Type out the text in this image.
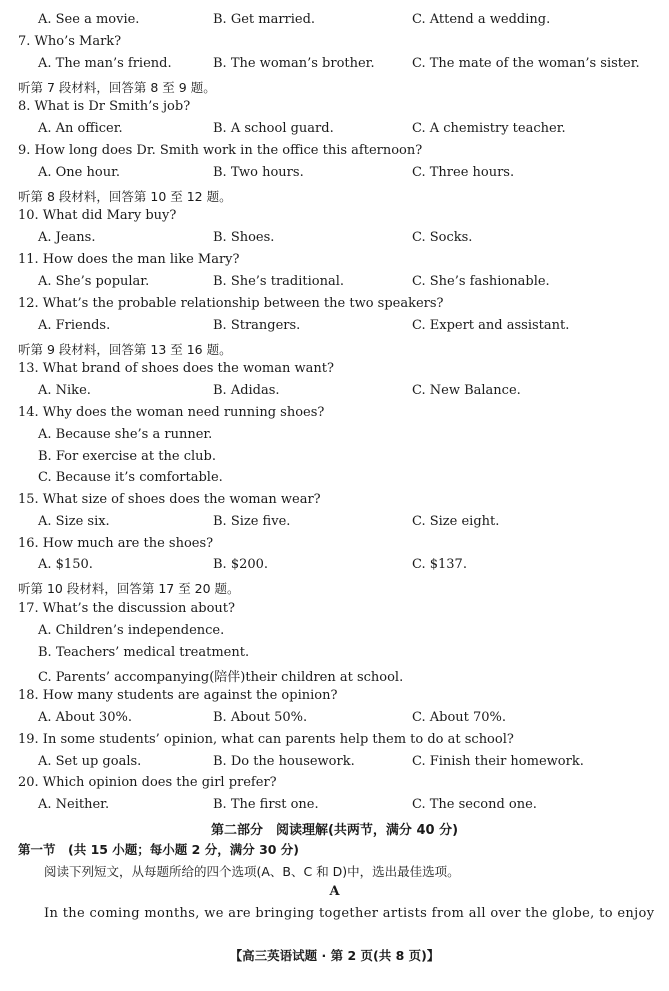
A. See a movie.	B. Get married.	C. Attend a wedding.
7. Who’s Mark?
A. The man’s friend.	B. The woman’s brother.	C. The mate of the woman’s sister.
听第 7 段材料，回答第 8 至 9 题。
8. What is Dr Smith’s job?
A. An officer.	B. A school guard.	C. A chemistry teacher.
9. How long does Dr. Smith work in the office this afternoon?
A. One hour.	B. Two hours.	C. Three hours.
听第 8 段材料，回答第 10 至 12 题。
10. What did Mary buy?
A. Jeans.	B. Shoes.	C. Socks.
11. How does the man like Mary?
A. She’s popular.	B. She’s traditional.	C. She’s fashionable.
12. What’s the probable relationship between the two speakers?
A. Friends.	B. Strangers.	C. Expert and assistant.
听第 9 段材料，回答第 13 至 16 题。
13. What brand of shoes does the woman want?
A. Nike.	B. Adidas.	C. New Balance.
14. Why does the woman need running shoes?
A. Because she’s a runner.
B. For exercise at the club.
C. Because it’s comfortable.
15. What size of shoes does the woman wear?
A. Size six.	B. Size five.	C. Size eight.
16. How much are the shoes?
A. $150.	B. $200.	C. $137.
听第 10 段材料，回答第 17 至 20 题。
17. What’s the discussion about?
A. Children’s independence.
B. Teachers’ medical treatment.
C. Parents’ accompanying(陪伴)their children at school.
18. How many students are against the opinion?
A. About 30%.	B. About 50%.	C. About 70%.
19. In some students’ opinion, what can parents help them to do at school?
A. Set up goals.	B. Do the housework.	C. Finish their homework.
20. Which opinion does the girl prefer?
A. Neither.	B. The first one.	C. The second one.
第二部分　阅读理解(共两节，满分 40 分)
第一节　(共 15 小题；每小题 2 分，满分 30 分)
阅读下列短文，从每题所给的四个选项(A、B、C 和 D)中，选出最佳选项。
A
In the coming months, we are bringing together artists from all over the globe, to enjoy
【高三英语试题 · 第 2 页(共 8 页)】
